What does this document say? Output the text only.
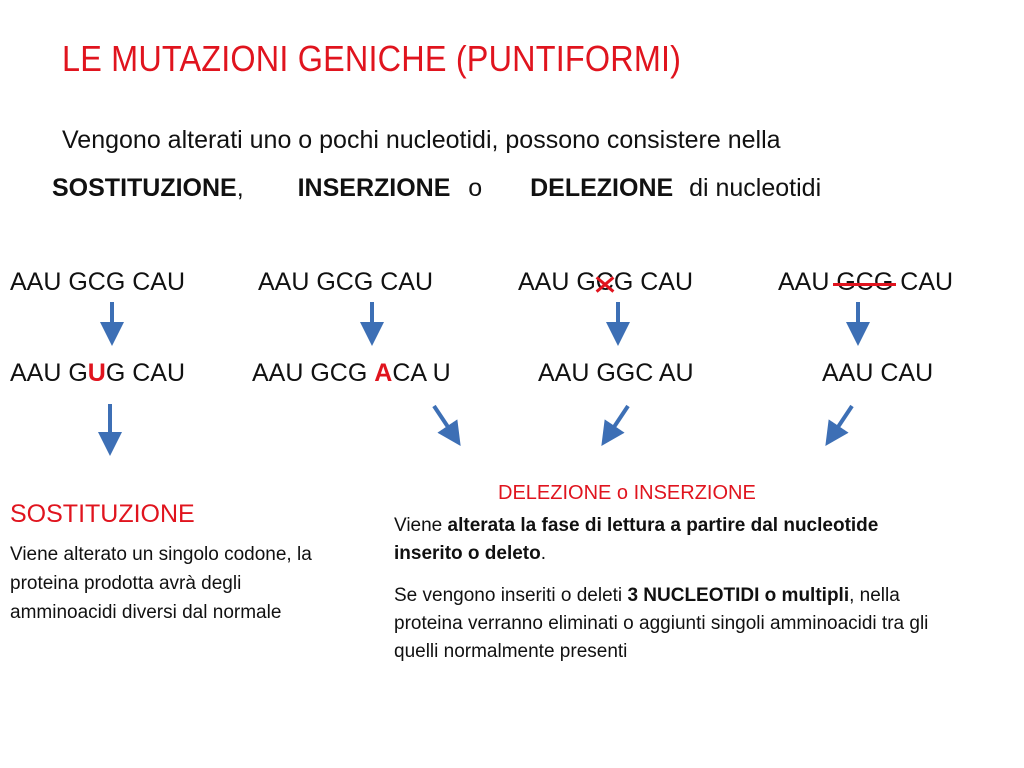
LE MUTAZIONI GENICHE (PUNTIFORMI)
Vengono alterati uno o pochi nucleotidi, possono consistere nella
SOSTITUZIONE, INSERZIONE o DELEZIONE di nucleotidi
AAU GCG CAU	AAU GCG CAU	AAU GCG CAU	AAU GCG CAU
AAU GUG CAU	AAU GCG ACA U	AAU GGC AU	AAU CAU
SOSTITUZIONE
Viene alterato un singolo codone, la proteina prodotta avrà degli amminoacidi diversi dal normale
DELEZIONE o INSERZIONE
Viene alterata la fase di lettura a partire dal nucleotide inserito o deleto.
Se vengono inseriti o deleti 3 NUCLEOTIDI o multipli, nella proteina verranno eliminati o aggiunti singoli amminoacidi tra gli quelli normalmente presenti
